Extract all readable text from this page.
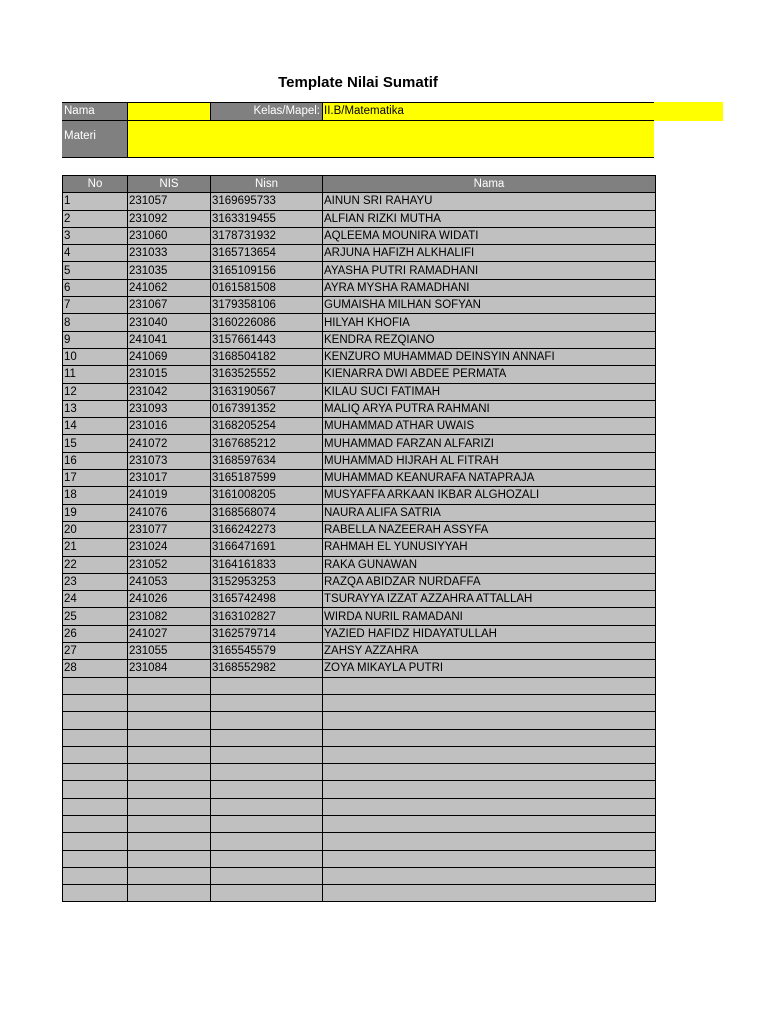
Template Nilai Sumatif
Nama	Kelas/Mapel: II.B/Matematika
Materi
No	NIS	Nisn	Nama
1	231057	3169695733	AINUN SRI RAHAYU
2	231092	3163319455	ALFIAN RIZKI MUTHA
3	231060	3178731932	AQLEEMA MOUNIRA WIDATI
4	231033	3165713654	ARJUNA HAFIZH ALKHALIFI
5	231035	3165109156	AYASHA PUTRI RAMADHANI
6	241062	0161581508	AYRA MYSHA RAMADHANI
7	231067	3179358106	GUMAISHA MILHAN SOFYAN
8	231040	3160226086	HILYAH KHOFIA
9	241041	3157661443	KENDRA REZQIANO
10	241069	3168504182	KENZURO MUHAMMAD DEINSYIN ANNAFI
11	231015	3163525552	KIENARRA DWI ABDEE PERMATA
12	231042	3163190567	KILAU SUCI FATIMAH
13	231093	0167391352	MALIQ ARYA PUTRA RAHMANI
14	231016	3168205254	MUHAMMAD ATHAR UWAIS
15	241072	3167685212	MUHAMMAD FARZAN ALFARIZI
16	231073	3168597634	MUHAMMAD HIJRAH AL FITRAH
17	231017	3165187599	MUHAMMAD KEANURAFA NATAPRAJA
18	241019	3161008205	MUSYAFFA ARKAAN IKBAR ALGHOZALI
19	241076	3168568074	NAURA ALIFA SATRIA
20	231077	3166242273	RABELLA NAZEERAH ASSYFA
21	231024	3166471691	RAHMAH EL YUNUSIYYAH
22	231052	3164161833	RAKA GUNAWAN
23	241053	3152953253	RAZQA ABIDZAR NURDAFFA
24	241026	3165742498	TSURAYYA IZZAT AZZAHRA ATTALLAH
25	231082	3163102827	WIRDA NURIL RAMADANI
26	241027	3162579714	YAZIED HAFIDZ HIDAYATULLAH
27	231055	3165545579	ZAHSY AZZAHRA
28	231084	3168552982	ZOYA MIKAYLA PUTRI
